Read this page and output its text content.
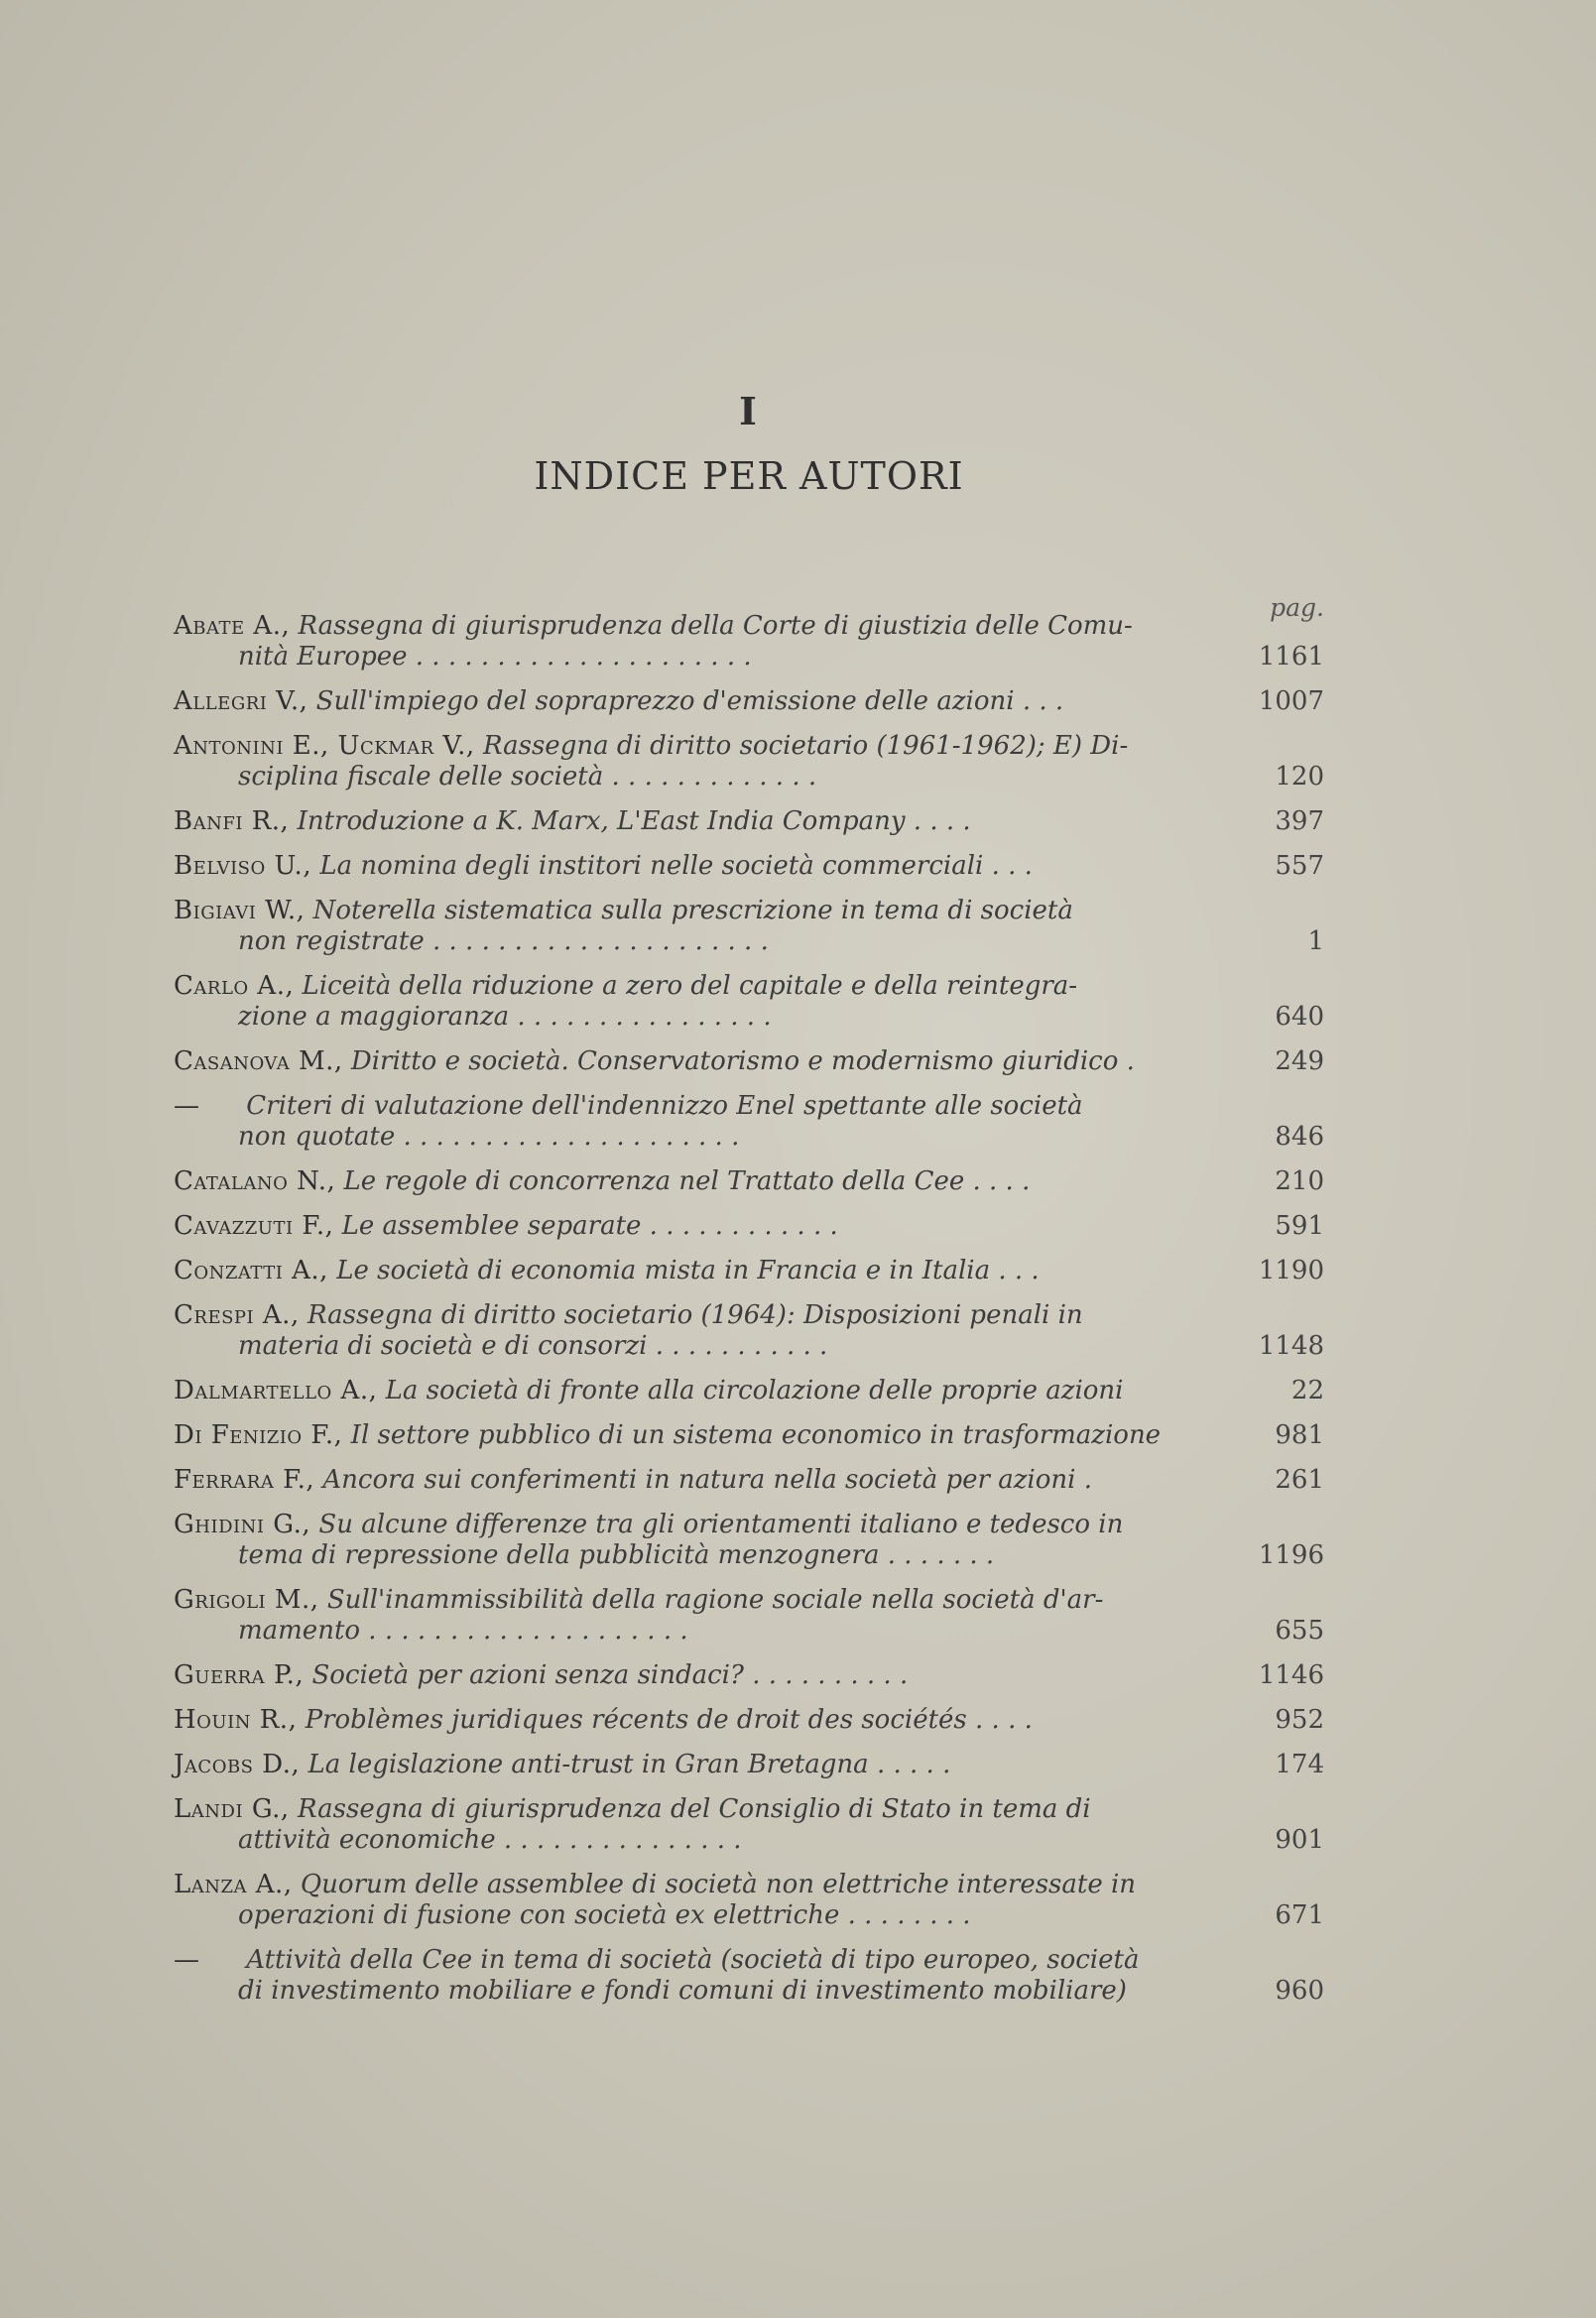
I
INDICE PER AUTORI
pag.
Abate A., Rassegna di giurisprudenza della Corte di giustizia delle Comu-
nità Europee . . . . . . . . . . . . . . . . . . . . .	1161
Allegri V., Sull'impiego del sopraprezzo d'emissione delle azioni . . .	1007
Antonini E., Uckmar V., Rassegna di diritto societario (1961-1962); E) Di-
sciplina fiscale delle società . . . . . . . . . . . . .	120
Banfi R., Introduzione a K. Marx, L'East India Company . . . .	397
Belviso U., La nomina degli institori nelle società commerciali . . .	557
Bigiavi W., Noterella sistematica sulla prescrizione in tema di società
non registrate . . . . . . . . . . . . . . . . . . . . .	1
Carlo A., Liceità della riduzione a zero del capitale e della reintegra-
zione a maggioranza . . . . . . . . . . . . . . . .	640
Casanova M., Diritto e società. Conservatorismo e modernismo giuridico .	249
— Criteri di valutazione dell'indennizzo Enel spettante alle società
non quotate . . . . . . . . . . . . . . . . . . . . .	846
Catalano N., Le regole di concorrenza nel Trattato della Cee . . . .	210
Cavazzuti F., Le assemblee separate . . . . . . . . . . . .	591
Conzatti A., Le società di economia mista in Francia e in Italia . . .	1190
Crespi A., Rassegna di diritto societario (1964): Disposizioni penali in
materia di società e di consorzi . . . . . . . . . . .	1148
Dalmartello A., La società di fronte alla circolazione delle proprie azioni	22
Di Fenizio F., Il settore pubblico di un sistema economico in trasformazione	981
Ferrara F., Ancora sui conferimenti in natura nella società per azioni .	261
Ghidini G., Su alcune differenze tra gli orientamenti italiano e tedesco in
tema di repressione della pubblicità menzognera . . . . . . .	1196
Grigoli M., Sull'inammissibilità della ragione sociale nella società d'ar-
mamento . . . . . . . . . . . . . . . . . . . .	655
Guerra P., Società per azioni senza sindaci? . . . . . . . . . .	1146
Houin R., Problèmes juridiques récents de droit des sociétés . . . .	952
Jacobs D., La legislazione anti-trust in Gran Bretagna . . . . .	174
Landi G., Rassegna di giurisprudenza del Consiglio di Stato in tema di
attività economiche . . . . . . . . . . . . . . .	901
Lanza A., Quorum delle assemblee di società non elettriche interessate in
operazioni di fusione con società ex elettriche . . . . . . . .	671
— Attività della Cee in tema di società (società di tipo europeo, società
di investimento mobiliare e fondi comuni di investimento mobiliare)	960
